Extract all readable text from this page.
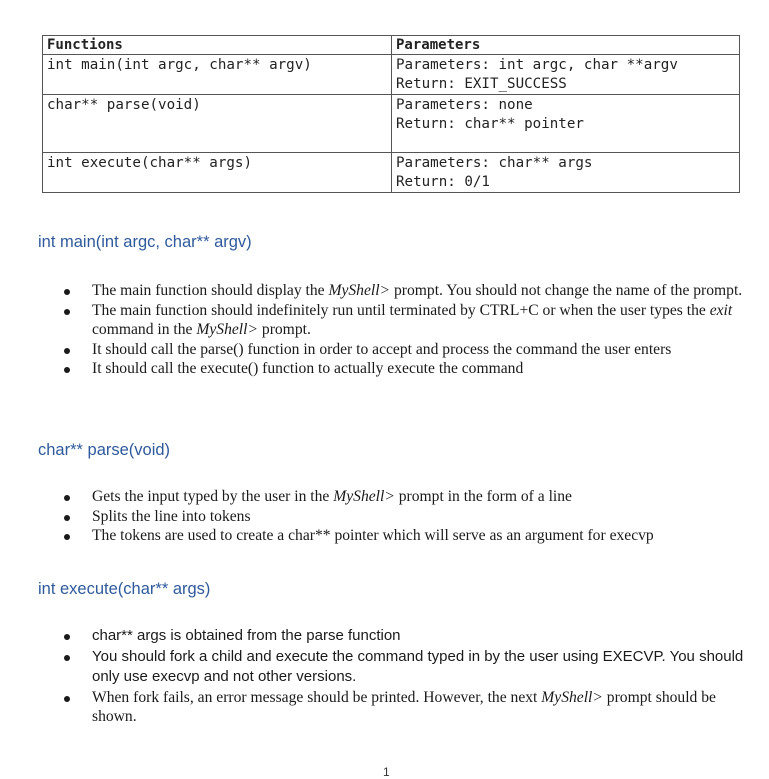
Functions	Parameters
int main(int argc, char** argv)	Parameters: int argc, char **argv
Return: EXIT_SUCCESS

char** parse(void)	Parameters: none
Return: char** pointer

int execute(char** args)	Parameters: char** args
Return: 0/1
int main(int argc, char** argv)
The main function should display the MyShell> prompt. You should not change the name of the prompt.
The main function should indefinitely run until terminated by CTRL+C or when the user types the exit command in the MyShell> prompt.
It should call the parse() function in order to accept and process the command the user enters
It should call the execute() function to actually execute the command
char** parse(void)
Gets the input typed by the user in the MyShell> prompt in the form of a line
Splits the line into tokens
The tokens are used to create a char** pointer which will serve as an argument for execvp
int execute(char** args)
char** args is obtained from the parse function
You should fork a child and execute the command typed in by the user using EXECVP. You should only use execvp and not other versions.
When fork fails, an error message should be printed. However, the next MyShell> prompt should be shown.
1
